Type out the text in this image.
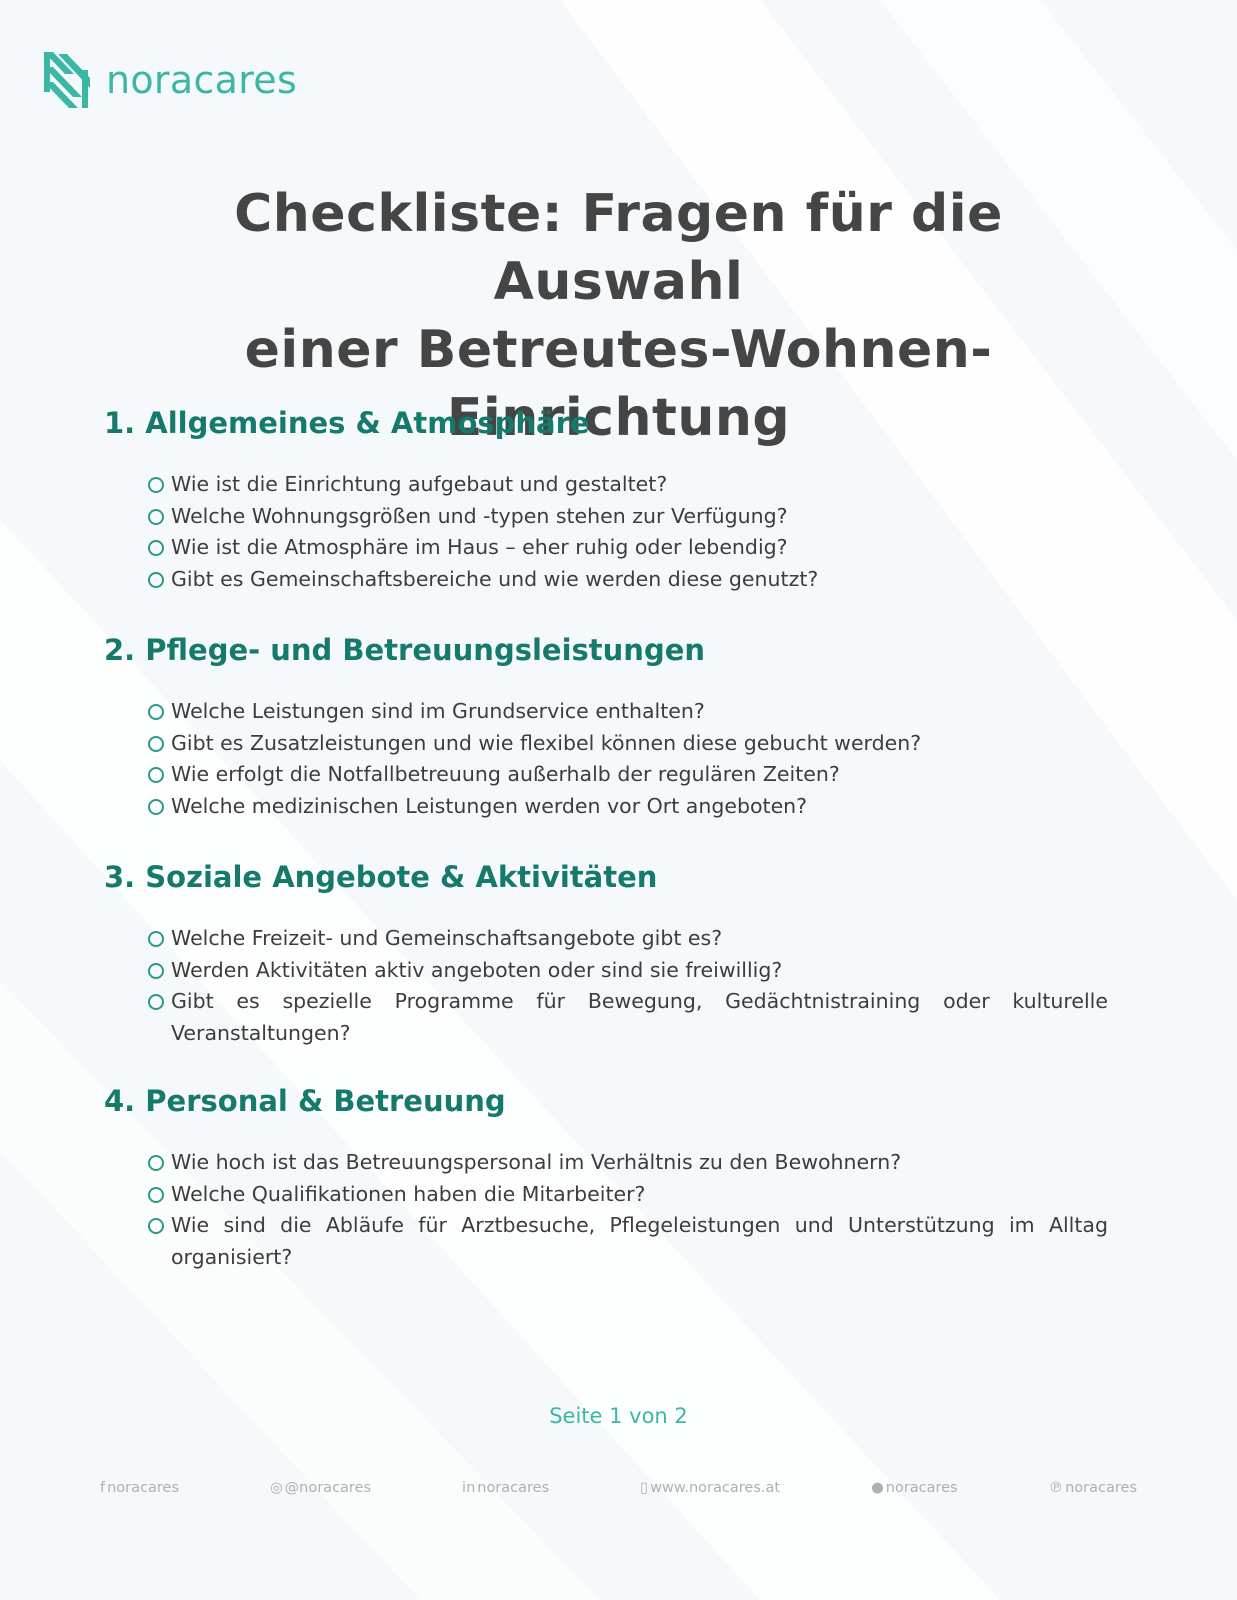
noracares
Checkliste: Fragen für die Auswahl
einer Betreutes-Wohnen-Einrichtung
1. Allgemeines & Atmosphäre
Wie ist die Einrichtung aufgebaut und gestaltet?
Welche Wohnungsgrößen und -typen stehen zur Verfügung?
Wie ist die Atmosphäre im Haus – eher ruhig oder lebendig?
Gibt es Gemeinschaftsbereiche und wie werden diese genutzt?
2. Pflege- und Betreuungsleistungen
Welche Leistungen sind im Grundservice enthalten?
Gibt es Zusatzleistungen und wie flexibel können diese gebucht werden?
Wie erfolgt die Notfallbetreuung außerhalb der regulären Zeiten?
Welche medizinischen Leistungen werden vor Ort angeboten?
3. Soziale Angebote & Aktivitäten
Welche Freizeit- und Gemeinschaftsangebote gibt es?
Werden Aktivitäten aktiv angeboten oder sind sie freiwillig?
Gibt es spezielle Programme für Bewegung, Gedächtnistraining oder kulturelle Veranstaltungen?
4. Personal & Betreuung
Wie hoch ist das Betreuungspersonal im Verhältnis zu den Bewohnern?
Welche Qualifikationen haben die Mitarbeiter?
Wie sind die Abläufe für Arztbesuche, Pflegeleistungen und Unterstützung im Alltag organisiert?
Seite 1 von 2
f noracares	◎ @noracares	in noracares	▯ www.noracares.at	● noracares	℗ noracares
